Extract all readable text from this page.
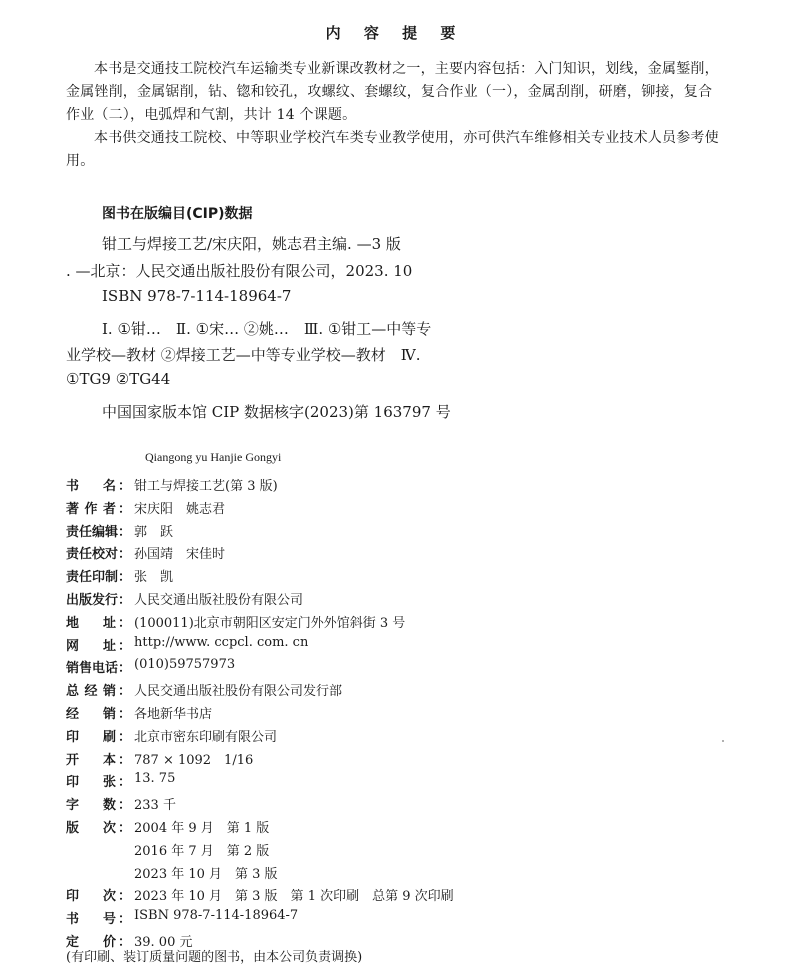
内 容 提 要

本书是交通技工院校汽车运输类专业新课改教材之一，主要内容包括：入门知识，划线，金属錾削，金属锉削，金属锯削，钻、锪和铰孔，攻螺纹、套螺纹，复合作业（一），金属刮削，研磨，铆接，复合作业（二），电弧焊和气割，共计 14 个课题。

本书供交通技工院校、中等职业学校汽车类专业教学使用，亦可供汽车维修相关专业技术人员参考使用。

图书在版编目(CIP)数据
钳工与焊接工艺/宋庆阳，姚志君主编. —3 版
. —北京：人民交通出版社股份有限公司，2023. 10
ISBN 978-7-114-18964-7
Ⅰ. ①钳…　Ⅱ. ①宋… ②姚…　Ⅲ. ①钳工—中等专
业学校—教材 ②焊接工艺—中等专业学校—教材　Ⅳ.
①TG9 ②TG44
中国国家版本馆 CIP 数据核字(2023)第 163797 号
Qiangong yu Hanjie Gongyi
书 名 ： 钳工与焊接工艺(第 3 版)
著 作 者 ： 宋庆阳　姚志君
责 任 编 辑 ： 郭　跃
责 任 校 对 ： 孙国靖　宋佳时
责 任 印 制 ： 张　凯
出 版 发 行 ： 人民交通出版社股份有限公司
地 址 ： (100011)北京市朝阳区安定门外外馆斜街 3 号
网 址 ： http://www. ccpcl. com. cn
销 售 电 话 ： (010)59757973
总 经 销 ： 人民交通出版社股份有限公司发行部
经 销 ： 各地新华书店
印 刷 ： 北京市密东印刷有限公司
开 本 ： 787 × 1092　1/16
印 张 ： 13. 75
字 数 ： 233 千
版 次 ： 2004 年 9 月　第 1 版
2016 年 7 月　第 2 版
2023 年 10 月　第 3 版
印 次 ： 2023 年 10 月　第 3 版　第 1 次印刷　总第 9 次印刷
书 号 ： ISBN 978-7-114-18964-7
定 价 ： 39. 00 元
(有印刷、装订质量问题的图书，由本公司负责调换)
